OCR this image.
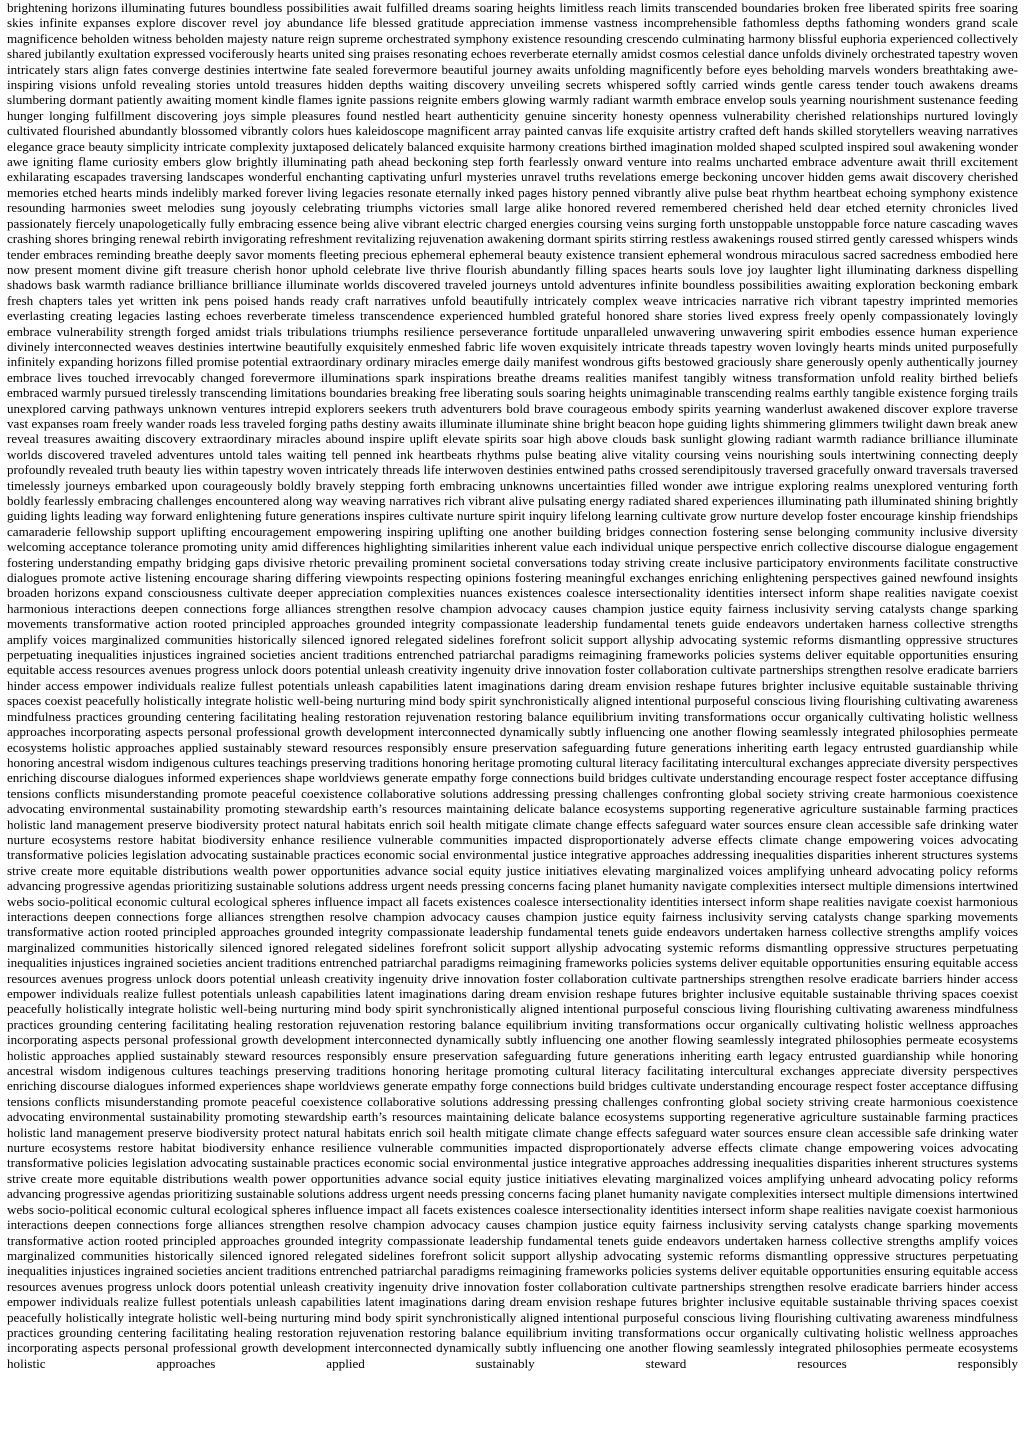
brightening horizons illuminating futures boundless possibilities await fulfilled dreams soaring heights limitless reach limits transcended boundaries broken free liberated spirits free soaring skies infinite expanses explore discover revel joy abundance life blessed gratitude appreciation immense vastness incomprehensible fathomless depths fathoming wonders grand scale magnificence beholden witness beholden majesty nature reign supreme orchestrated symphony existence resounding crescendo culminating harmony blissful euphoria experienced collectively shared jubilantly exultation expressed vociferously hearts united sing praises resonating echoes reverberate eternally amidst cosmos celestial dance unfolds divinely orchestrated tapestry woven intricately stars align fates converge destinies intertwine fate sealed forevermore beautiful journey awaits unfolding magnificently before eyes beholding marvels wonders breathtaking awe-inspiring visions unfold revealing stories untold treasures hidden depths waiting discovery unveiling secrets whispered softly carried winds gentle caress tender touch awakens dreams slumbering dormant patiently awaiting moment kindle flames ignite passions reignite embers glowing warmly radiant warmth embrace envelop souls yearning nourishment sustenance feeding hunger longing fulfillment discovering joys simple pleasures found nestled heart authenticity genuine sincerity honesty openness vulnerability cherished relationships nurtured lovingly cultivated flourished abundantly blossomed vibrantly colors hues kaleidoscope magnificent array painted canvas life exquisite artistry crafted deft hands skilled storytellers weaving narratives elegance grace beauty simplicity intricate complexity juxtaposed delicately balanced exquisite harmony creations birthed imagination molded shaped sculpted inspired soul awakening wonder awe igniting flame curiosity embers glow brightly illuminating path ahead beckoning step forth fearlessly onward venture into realms uncharted embrace adventure await thrill excitement exhilarating escapades traversing landscapes wonderful enchanting captivating unfurl mysteries unravel truths revelations emerge beckoning uncover hidden gems await discovery cherished memories etched hearts minds indelibly marked forever living legacies resonate eternally inked pages history penned vibrantly alive pulse beat rhythm heartbeat echoing symphony existence resounding harmonies sweet melodies sung joyously celebrating triumphs victories small large alike honored revered remembered cherished held dear etched eternity chronicles lived passionately fiercely unapologetically fully embracing essence being alive vibrant electric charged energies coursing veins surging forth unstoppable unstoppable force nature cascading waves crashing shores bringing renewal rebirth invigorating refreshment revitalizing rejuvenation awakening dormant spirits stirring restless awakenings roused stirred gently caressed whispers winds tender embraces reminding breathe deeply savor moments fleeting precious ephemeral ephemeral beauty existence transient ephemeral wondrous miraculous sacred sacredness embodied here now present moment divine gift treasure cherish honor uphold celebrate live thrive flourish abundantly filling spaces hearts souls love joy laughter light illuminating darkness dispelling shadows bask warmth radiance brilliance brilliance illuminate worlds discovered traveled journeys untold adventures infinite boundless possibilities awaiting exploration beckoning embark fresh chapters tales yet written ink pens poised hands ready craft narratives unfold beautifully intricately complex weave intricacies narrative rich vibrant tapestry imprinted memories everlasting creating legacies lasting echoes reverberate timeless transcendence experienced humbled grateful honored share stories lived express freely openly compassionately lovingly embrace vulnerability strength forged amidst trials tribulations triumphs resilience perseverance fortitude unparalleled unwavering unwavering spirit embodies essence human experience divinely interconnected weaves destinies intertwine beautifully exquisitely enmeshed fabric life woven exquisitely intricate threads tapestry woven lovingly hearts minds united purposefully infinitely expanding horizons filled promise potential extraordinary ordinary miracles emerge daily manifest wondrous gifts bestowed graciously share generously openly authentically journey embrace lives touched irrevocably changed forevermore illuminations spark inspirations breathe dreams realities manifest tangibly witness transformation unfold reality birthed beliefs embraced warmly pursued tirelessly transcending limitations boundaries breaking free liberating souls soaring heights unimaginable transcending realms earthly tangible existence forging trails unexplored carving pathways unknown ventures intrepid explorers seekers truth adventurers bold brave courageous embody spirits yearning wanderlust awakened discover explore traverse vast expanses roam freely wander roads less traveled forging paths destiny awaits illuminate illuminate shine bright beacon hope guiding lights shimmering glimmers twilight dawn break anew reveal treasures awaiting discovery extraordinary miracles abound inspire uplift elevate spirits soar high above clouds bask sunlight glowing radiant warmth radiance brilliance illuminate worlds discovered traveled adventures untold tales waiting tell penned ink heartbeats rhythms pulse beating alive vitality coursing veins nourishing souls intertwining connecting deeply profoundly revealed truth beauty lies within tapestry woven intricately threads life interwoven destinies entwined paths crossed serendipitously traversed gracefully onward traversals traversed timelessly journeys embarked upon courageously boldly bravely stepping forth embracing unknowns uncertainties filled wonder awe intrigue exploring realms unexplored venturing forth boldly fearlessly embracing challenges encountered along way weaving narratives rich vibrant alive pulsating energy radiated shared experiences illuminating path illuminated shining brightly guiding lights leading way forward enlightening future generations inspires cultivate nurture spirit inquiry lifelong learning cultivate grow nurture develop foster encourage kinship friendships camaraderie fellowship support uplifting encouragement empowering inspiring uplifting one another building bridges connection fostering sense belonging community inclusive diversity welcoming acceptance tolerance promoting unity amid differences highlighting similarities inherent value each individual unique perspective enrich collective discourse dialogue engagement fostering understanding empathy bridging gaps divisive rhetoric prevailing prominent societal conversations today striving create inclusive participatory environments facilitate constructive dialogues promote active listening encourage sharing differing viewpoints respecting opinions fostering meaningful exchanges enriching enlightening perspectives gained newfound insights broaden horizons expand consciousness cultivate deeper appreciation complexities nuances existences coalesce intersectionality identities intersect inform shape realities navigate coexist harmonious interactions deepen connections forge alliances strengthen resolve champion advocacy causes champion justice equity fairness inclusivity serving catalysts change sparking movements transformative action rooted principled approaches grounded integrity compassionate leadership fundamental tenets guide endeavors undertaken harness collective strengths amplify voices marginalized communities historically silenced ignored relegated sidelines forefront solicit support allyship advocating systemic reforms dismantling oppressive structures perpetuating inequalities injustices ingrained societies ancient traditions entrenched patriarchal paradigms reimagining frameworks policies systems deliver equitable opportunities ensuring equitable access resources avenues progress unlock doors potential unleash creativity ingenuity drive innovation foster collaboration cultivate partnerships strengthen resolve eradicate barriers hinder access empower individuals realize fullest potentials unleash capabilities latent imaginations daring dream envision reshape futures brighter inclusive equitable sustainable thriving spaces coexist peacefully holistically integrate holistic well-being nurturing mind body spirit synchronistically aligned intentional purposeful conscious living flourishing cultivating awareness mindfulness practices grounding centering facilitating healing restoration rejuvenation restoring balance equilibrium inviting transformations occur organically cultivating holistic wellness approaches incorporating aspects personal professional growth development interconnected dynamically subtly influencing one another flowing seamlessly integrated philosophies permeate ecosystems holistic approaches applied sustainably steward resources responsibly ensure preservation safeguarding future generations inheriting earth legacy entrusted guardianship while honoring ancestral wisdom indigenous cultures teachings preserving traditions honoring heritage promoting cultural literacy facilitating intercultural exchanges appreciate diversity perspectives enriching discourse dialogues informed experiences shape worldviews generate empathy forge connections build bridges cultivate understanding encourage respect foster acceptance diffusing tensions conflicts misunderstanding promote peaceful coexistence collaborative solutions addressing pressing challenges confronting global society striving create harmonious coexistence advocating environmental sustainability promoting stewardship earth’s resources maintaining delicate balance ecosystems supporting regenerative agriculture sustainable farming practices holistic land management preserve biodiversity protect natural habitats enrich soil health mitigate climate change effects safeguard water sources ensure clean accessible safe drinking water nurture ecosystems restore habitat biodiversity enhance resilience vulnerable communities impacted disproportionately adverse effects climate change empowering voices advocating transformative policies legislation advocating sustainable practices economic social environmental justice integrative approaches addressing inequalities disparities inherent structures systems strive create more equitable distributions wealth power opportunities advance social equity justice initiatives elevating marginalized voices amplifying unheard advocating policy reforms advancing progressive agendas prioritizing sustainable solutions address urgent needs pressing concerns facing planet humanity navigate complexities intersect multiple dimensions intertwined webs socio-political economic cultural ecological spheres influence impact all facets existences coalesce intersectionality identities intersect inform shape realities navigate coexist harmonious interactions deepen connections forge alliances strengthen resolve champion advocacy causes champion justice equity fairness inclusivity serving catalysts change sparking movements transformative action rooted principled approaches grounded integrity compassionate leadership fundamental tenets guide endeavors undertaken harness collective strengths amplify voices marginalized communities historically silenced ignored relegated sidelines forefront solicit support allyship advocating systemic reforms dismantling oppressive structures perpetuating inequalities injustices ingrained societies ancient traditions entrenched patriarchal paradigms reimagining frameworks policies systems deliver equitable opportunities ensuring equitable access resources avenues progress unlock doors potential unleash creativity ingenuity drive innovation foster collaboration cultivate partnerships strengthen resolve eradicate barriers hinder access empower individuals realize fullest potentials unleash capabilities latent imaginations daring dream envision reshape futures brighter inclusive equitable sustainable thriving spaces coexist peacefully holistically integrate holistic well-being nurturing mind body spirit synchronistically aligned intentional purposeful conscious living flourishing cultivating awareness mindfulness practices grounding centering facilitating healing restoration rejuvenation restoring balance equilibrium inviting transformations occur organically cultivating holistic wellness approaches incorporating aspects personal professional growth development interconnected dynamically subtly influencing one another flowing seamlessly integrated philosophies permeate ecosystems holistic approaches applied sustainably steward resources responsibly ensure preservation safeguarding future generations inheriting earth legacy entrusted guardianship while honoring ancestral wisdom indigenous cultures teachings preserving traditions honoring heritage promoting cultural literacy facilitating intercultural exchanges appreciate diversity perspectives enriching discourse dialogues informed experiences shape worldviews generate empathy forge connections build bridges cultivate understanding encourage respect foster acceptance diffusing tensions conflicts misunderstanding promote peaceful coexistence collaborative solutions addressing pressing challenges confronting global society striving create harmonious coexistence advocating environmental sustainability promoting stewardship earth’s resources maintaining delicate balance ecosystems supporting regenerative agriculture sustainable farming practices holistic land management preserve biodiversity protect natural habitats enrich soil health mitigate climate change effects safeguard water sources ensure clean accessible safe drinking water nurture ecosystems restore habitat biodiversity enhance resilience vulnerable communities impacted disproportionately adverse effects climate change empowering voices advocating transformative policies legislation advocating sustainable practices economic social environmental justice integrative approaches addressing inequalities disparities inherent structures systems strive create more equitable distributions wealth power opportunities advance social equity justice initiatives elevating marginalized voices amplifying unheard advocating policy reforms advancing progressive agendas prioritizing sustainable solutions address urgent needs pressing concerns facing planet humanity navigate complexities intersect multiple dimensions intertwined webs socio-political economic cultural ecological spheres influence impact all facets existences coalesce intersectionality identities intersect inform shape realities navigate coexist harmonious interactions deepen connections forge alliances strengthen resolve champion advocacy causes champion justice equity fairness inclusivity serving catalysts change sparking movements transformative action rooted principled approaches grounded integrity compassionate leadership fundamental tenets guide endeavors undertaken harness collective strengths amplify voices marginalized communities historically silenced ignored relegated sidelines forefront solicit support allyship advocating systemic reforms dismantling oppressive structures perpetuating inequalities injustices ingrained societies ancient traditions entrenched patriarchal paradigms reimagining frameworks policies systems deliver equitable opportunities ensuring equitable access resources avenues progress unlock doors potential unleash creativity ingenuity drive innovation foster collaboration cultivate partnerships strengthen resolve eradicate barriers hinder access empower individuals realize fullest potentials unleash capabilities latent imaginations daring dream envision reshape futures brighter inclusive equitable sustainable thriving spaces coexist peacefully holistically integrate holistic well-being nurturing mind body spirit synchronistically aligned intentional purposeful conscious living flourishing cultivating awareness mindfulness practices grounding centering facilitating healing restoration rejuvenation restoring balance equilibrium inviting transformations occur organically cultivating holistic wellness approaches incorporating aspects personal professional growth development interconnected dynamically subtly influencing one another flowing seamlessly integrated philosophies permeate ecosystems holistic approaches applied sustainably steward resources responsibly
